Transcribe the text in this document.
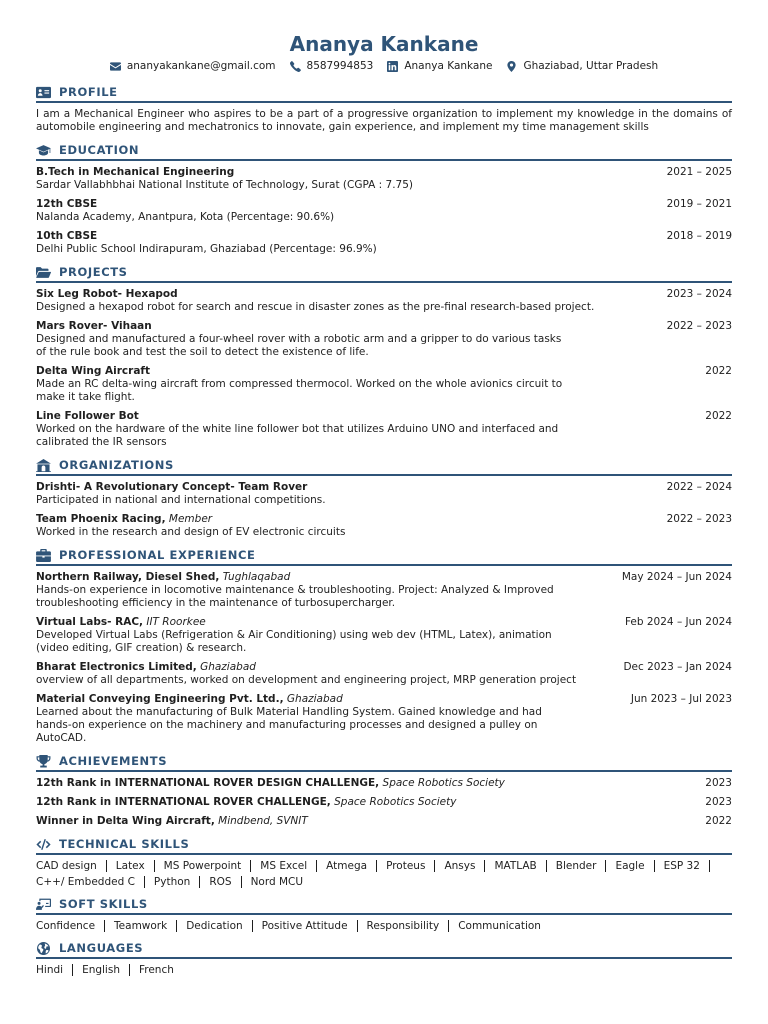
Ananya Kankane
ananyakankane@gmail.com	8587994853	Ananya Kankane	Ghaziabad, Uttar Pradesh
PROFILE
I am a Mechanical Engineer who aspires to be a part of a progressive organization to implement my knowledge in the domains of automobile engineering and mechatronics to innovate, gain experience, and implement my time management skills
EDUCATION
B.Tech in Mechanical Engineering	2021 – 2025
Sardar Vallabhbhai National Institute of Technology, Surat (CGPA : 7.75)
12th CBSE	2019 – 2021
Nalanda Academy, Anantpura, Kota (Percentage: 90.6%)
10th CBSE	2018 – 2019
Delhi Public School Indirapuram, Ghaziabad (Percentage: 96.9%)
PROJECTS
Six Leg Robot- Hexapod	2023 – 2024
Designed a hexapod robot for search and rescue in disaster zones as the pre-final research-based project.
Mars Rover- Vihaan	2022 – 2023
Designed and manufactured a four-wheel rover with a robotic arm and a gripper to do various tasks of the rule book and test the soil to detect the existence of life.
Delta Wing Aircraft	2022
Made an RC delta-wing aircraft from compressed thermocol. Worked on the whole avionics circuit to make it take flight.
Line Follower Bot	2022
Worked on the hardware of the white line follower bot that utilizes Arduino UNO and interfaced and calibrated the IR sensors
ORGANIZATIONS
Drishti- A Revolutionary Concept- Team Rover	2022 – 2024
Participated in national and international competitions.
Team Phoenix Racing, Member	2022 – 2023
Worked in the research and design of EV electronic circuits
PROFESSIONAL EXPERIENCE
Northern Railway, Diesel Shed, Tughlaqabad	May 2024 – Jun 2024
Hands-on experience in locomotive maintenance & troubleshooting. Project: Analyzed & Improved troubleshooting efficiency in the maintenance of turbosupercharger.
Virtual Labs- RAC, IIT Roorkee	Feb 2024 – Jun 2024
Developed Virtual Labs (Refrigeration & Air Conditioning) using web dev (HTML, Latex), animation (video editing, GIF creation) & research.
Bharat Electronics Limited, Ghaziabad	Dec 2023 – Jan 2024
overview of all departments, worked on development and engineering project, MRP generation project
Material Conveying Engineering Pvt. Ltd., Ghaziabad	Jun 2023 – Jul 2023
Learned about the manufacturing of Bulk Material Handling System. Gained knowledge and had hands-on experience on the machinery and manufacturing processes and designed a pulley on AutoCAD.
ACHIEVEMENTS
12th Rank in INTERNATIONAL ROVER DESIGN CHALLENGE, Space Robotics Society	2023
12th Rank in INTERNATIONAL ROVER CHALLENGE, Space Robotics Society	2023
Winner in Delta Wing Aircraft, Mindbend, SVNIT	2022
TECHNICAL SKILLS
CAD design	Latex	MS Powerpoint	MS Excel	Atmega	Proteus	Ansys	MATLAB	Blender	Eagle	ESP 32
C++/ Embedded C	Python	ROS	Nord MCU
SOFT SKILLS
Confidence	Teamwork	Dedication	Positive Attitude	Responsibility	Communication
LANGUAGES
Hindi	English	French
